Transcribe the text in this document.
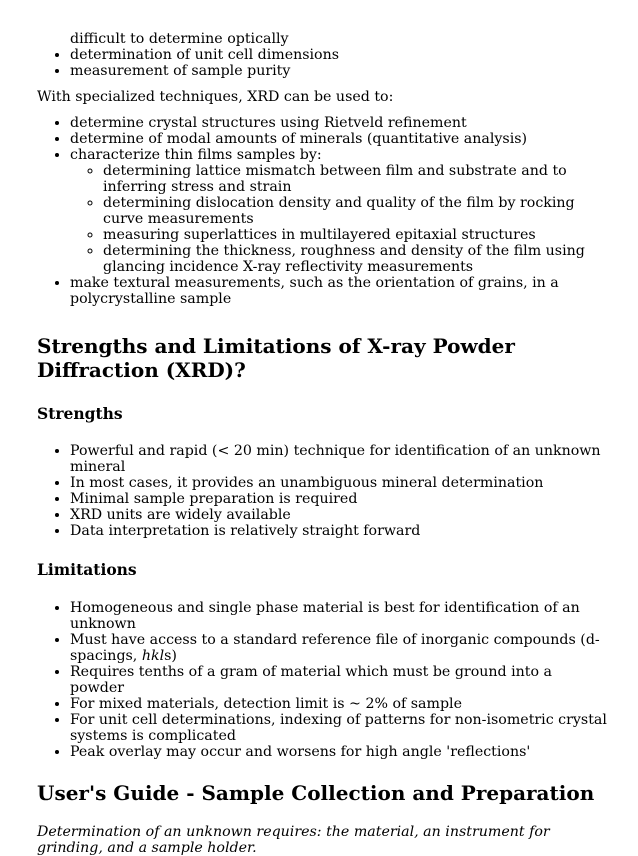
difficult to determine optically
• determination of unit cell dimensions
• measurement of sample purity

With specialized techniques, XRD can be used to:

• determine crystal structures using Rietveld refinement
• determine of modal amounts of minerals (quantitative analysis)
• characterize thin films samples by:
◦ determining lattice mismatch between film and substrate and to inferring stress and strain
◦ determining dislocation density and quality of the film by rocking curve measurements
◦ measuring superlattices in multilayered epitaxial structures
◦ determining the thickness, roughness and density of the film using glancing incidence X-ray reflectivity measurements
• make textural measurements, such as the orientation of grains, in a polycrystalline sample
Strengths and Limitations of X-ray Powder Diffraction (XRD)?
Strengths
• Powerful and rapid (< 20 min) technique for identification of an unknown mineral
• In most cases, it provides an unambiguous mineral determination
• Minimal sample preparation is required
• XRD units are widely available
• Data interpretation is relatively straight forward
Limitations
• Homogeneous and single phase material is best for identification of an unknown
• Must have access to a standard reference file of inorganic compounds (d-spacings, hkls)
• Requires tenths of a gram of material which must be ground into a powder
• For mixed materials, detection limit is ~ 2% of sample
• For unit cell determinations, indexing of patterns for non-isometric crystal systems is complicated
• Peak overlay may occur and worsens for high angle 'reflections'
User's Guide - Sample Collection and Preparation

Determination of an unknown requires: the material, an instrument for grinding, and a sample holder.
